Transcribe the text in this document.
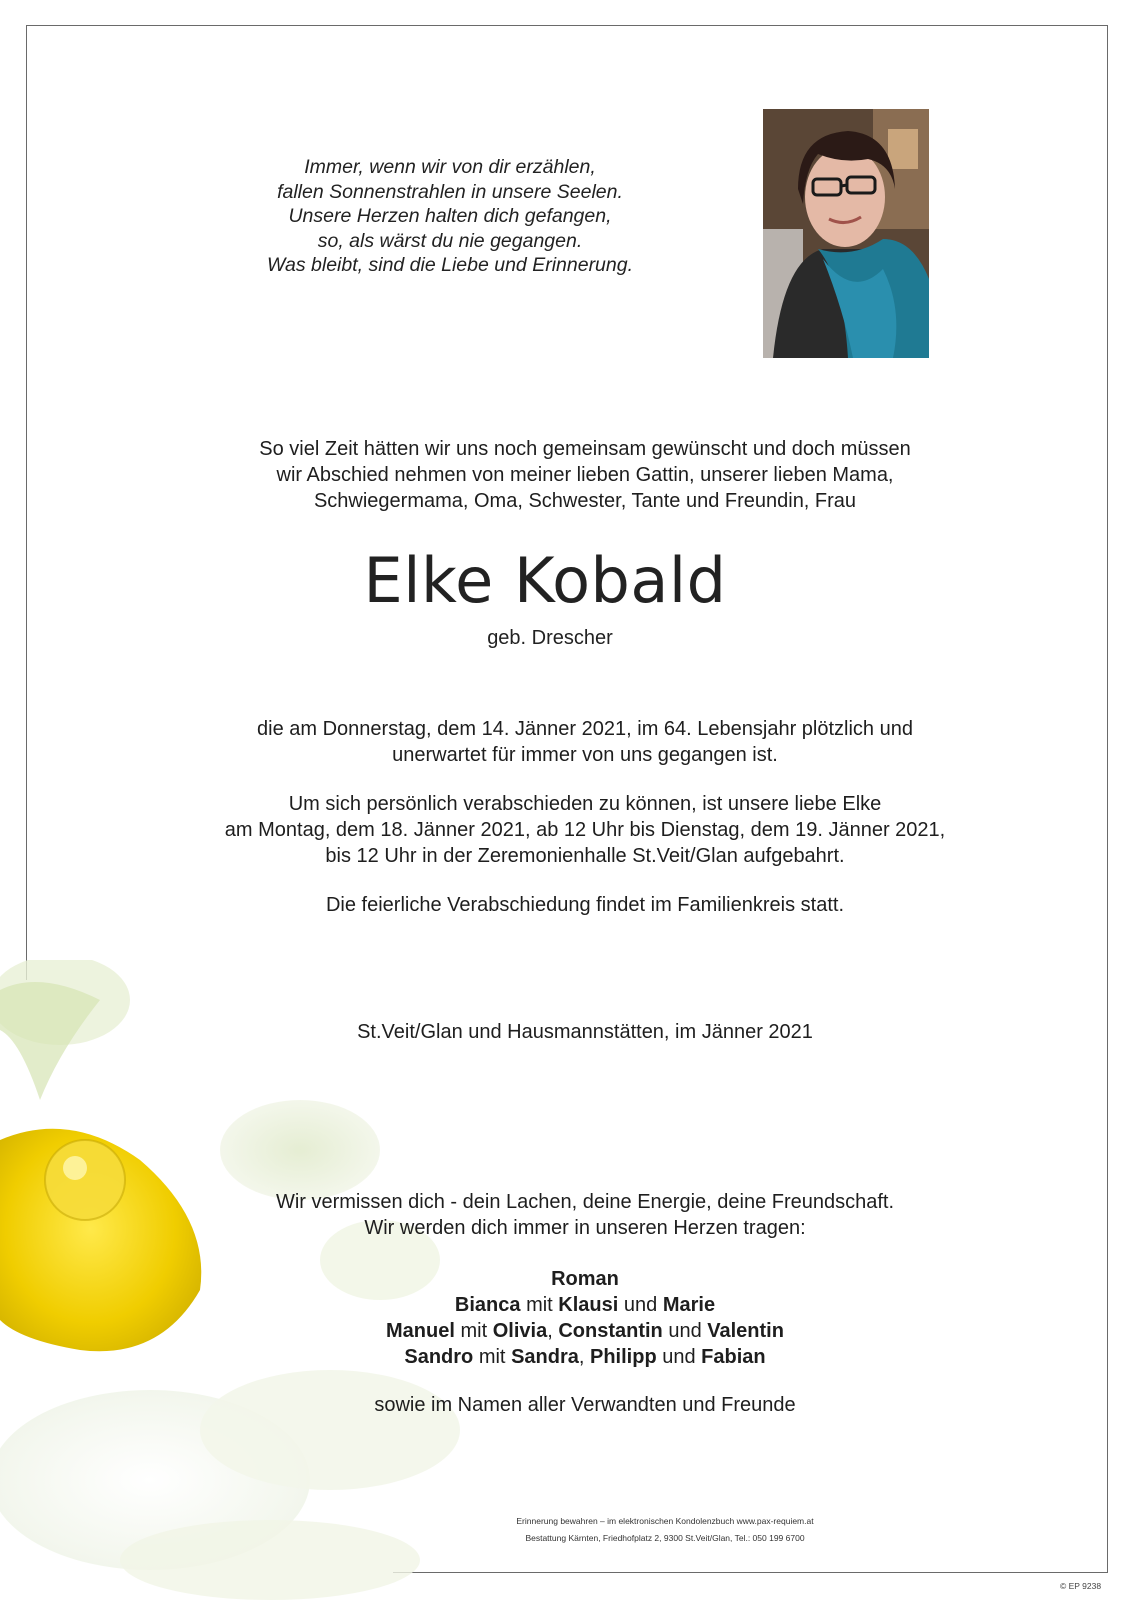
Immer, wenn wir von dir erzählen,
fallen Sonnenstrahlen in unsere Seelen.
Unsere Herzen halten dich gefangen,
so, als wärst du nie gegangen.
Was bleibt, sind die Liebe und Erinnerung.
So viel Zeit hätten wir uns noch gemeinsam gewünscht und doch müssen
wir Abschied nehmen von meiner lieben Gattin, unserer lieben Mama,
Schwiegermama, Oma, Schwester, Tante und Freundin, Frau
Elke Kobald
geb. Drescher
die am Donnerstag, dem 14. Jänner 2021, im 64. Lebensjahr plötzlich und
unerwartet für immer von uns gegangen ist.
Um sich persönlich verabschieden zu können, ist unsere liebe Elke
am Montag, dem 18. Jänner 2021, ab 12 Uhr bis Dienstag, dem 19. Jänner 2021,
bis 12 Uhr in der Zeremonienhalle St.Veit/Glan aufgebahrt.
Die feierliche Verabschiedung findet im Familienkreis statt.
St.Veit/Glan und Hausmannstätten, im Jänner 2021
Wir vermissen dich - dein Lachen, deine Energie, deine Freundschaft.
Wir werden dich immer in unseren Herzen tragen:
Roman
Bianca mit Klausi und Marie
Manuel mit Olivia, Constantin und Valentin
Sandro mit Sandra, Philipp und Fabian
sowie im Namen aller Verwandten und Freunde
Erinnerung bewahren – im elektronischen Kondolenzbuch www.pax-requiem.at
Bestattung Kärnten, Friedhofplatz 2, 9300 St.Veit/Glan, Tel.: 050 199 6700
© EP 9238
